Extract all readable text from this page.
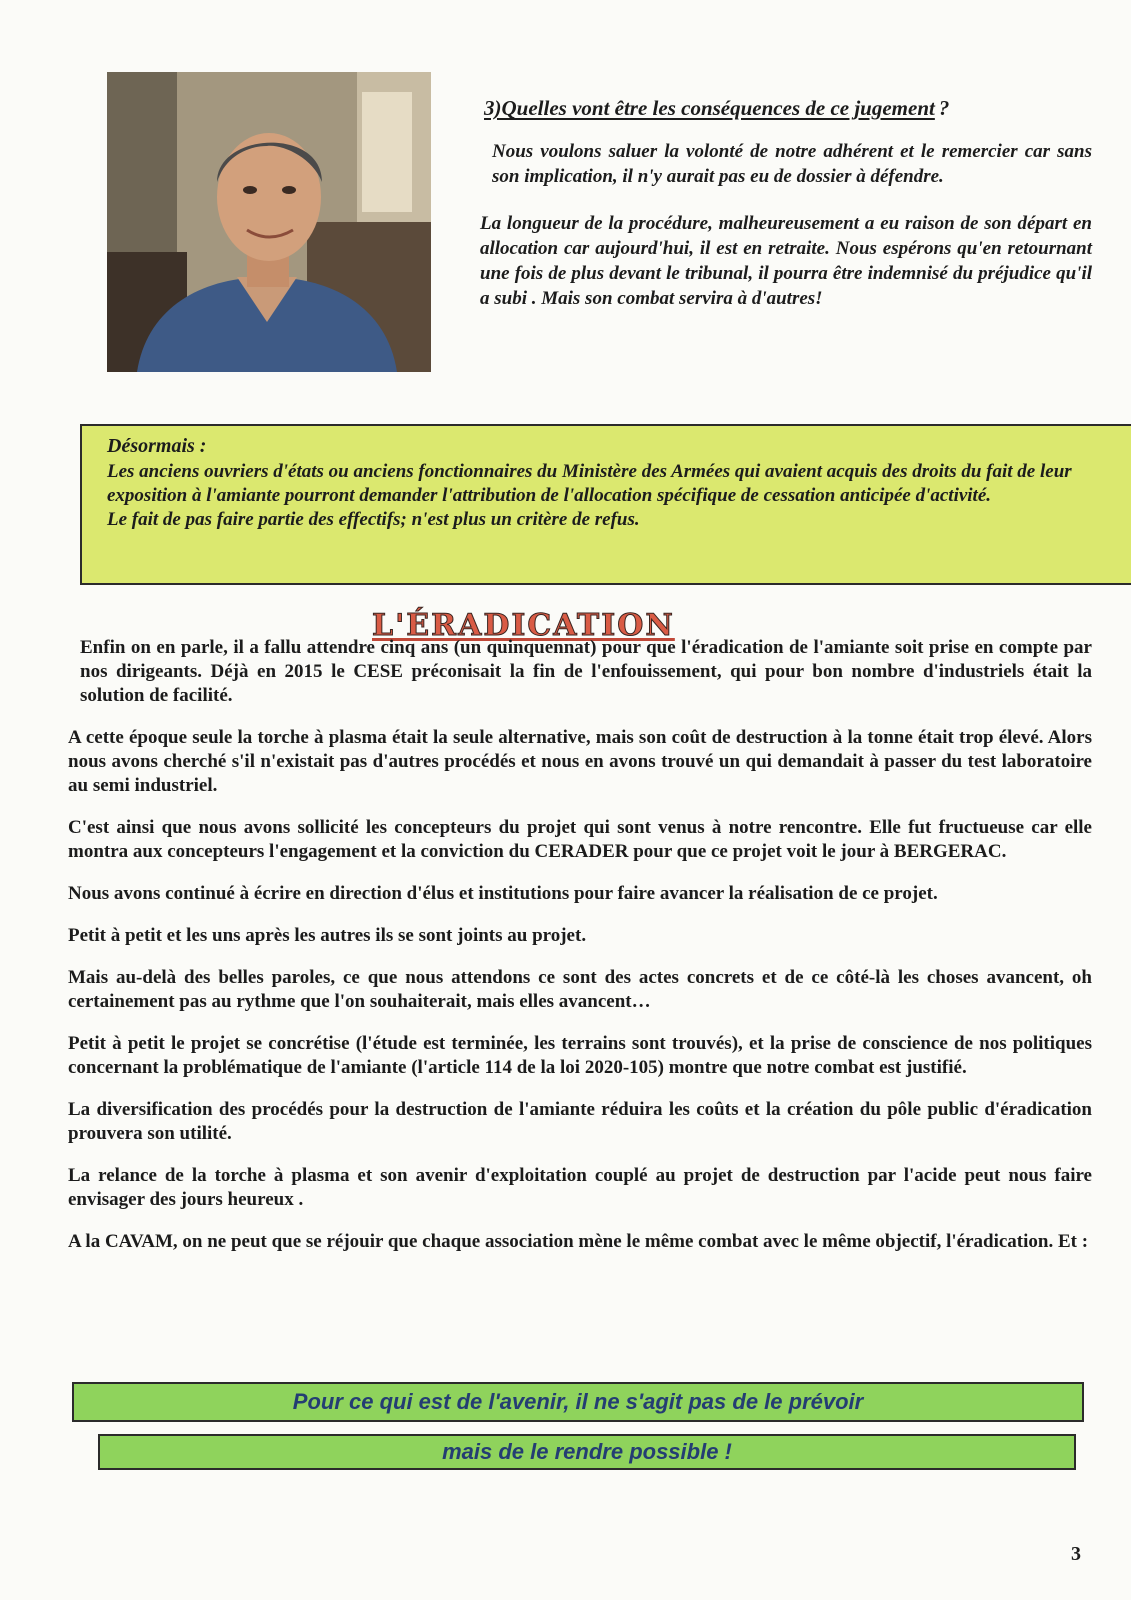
3)Quelles vont être les conséquences de ce jugement ?

Nous voulons saluer la volonté de notre adhérent et le remercier car sans son implication, il n'y aurait pas eu de dossier à défendre.

La longueur de la procédure, malheureusement a eu raison de son départ en allocation car aujourd'hui, il est en retraite. Nous espérons qu'en retournant une fois de plus devant le tribunal, il pourra être indemnisé du préjudice qu'il a subi . Mais son combat servira à d'autres!

Désormais :

Les anciens ouvriers d'états ou anciens fonctionnaires du Ministère des Armées qui avaient acquis des droits du fait de leur exposition à l'amiante pourront demander l'attribution de l'allocation spécifique de cessation anticipée d'activité.

Le fait de pas faire partie des effectifs; n'est plus un critère de refus.

L'ÉRADICATION

Enfin on en parle, il a fallu attendre cinq ans (un quinquennat) pour que l'éradication de l'amiante soit prise en compte par nos dirigeants. Déjà en 2015 le CESE préconisait la fin de l'enfouissement, qui pour bon nombre d'industriels était la solution de facilité.

A cette époque seule la torche à plasma était la seule alternative, mais son coût de destruction à la tonne était trop élevé. Alors nous avons cherché s'il n'existait pas d'autres procédés et nous en avons trouvé un qui demandait à passer du test laboratoire au semi industriel.

C'est ainsi que nous avons sollicité les concepteurs du projet qui sont venus à notre rencontre. Elle fut fructueuse car elle montra aux concepteurs l'engagement et la conviction du CERADER pour que ce projet voit le jour à BERGERAC.

Nous avons continué à écrire en direction d'élus et institutions pour faire avancer la réalisation de ce projet.

Petit à petit et les uns après les autres ils se sont joints au projet.

Mais au-delà des belles paroles, ce que nous attendons ce sont des actes concrets et de ce côté-là les choses avancent, oh certainement pas au rythme que l'on souhaiterait, mais elles avancent…

Petit à petit le projet se concrétise (l'étude est terminée, les terrains sont trouvés), et la prise de conscience de nos politiques concernant la problématique de l'amiante (l'article 114 de la loi 2020-105) montre que notre combat est justifié.

La diversification des procédés pour la destruction de l'amiante réduira les coûts et la création du pôle public d'éradication prouvera son utilité.

La relance de la torche à plasma et son avenir d'exploitation couplé au projet de destruction par l'acide peut nous faire envisager des jours heureux .

A la CAVAM, on ne peut que se réjouir que chaque association mène le même combat avec le même objectif, l'éradication. Et :

Pour ce qui est de l'avenir, il ne s'agit pas de le prévoir
mais de le rendre possible !
3
